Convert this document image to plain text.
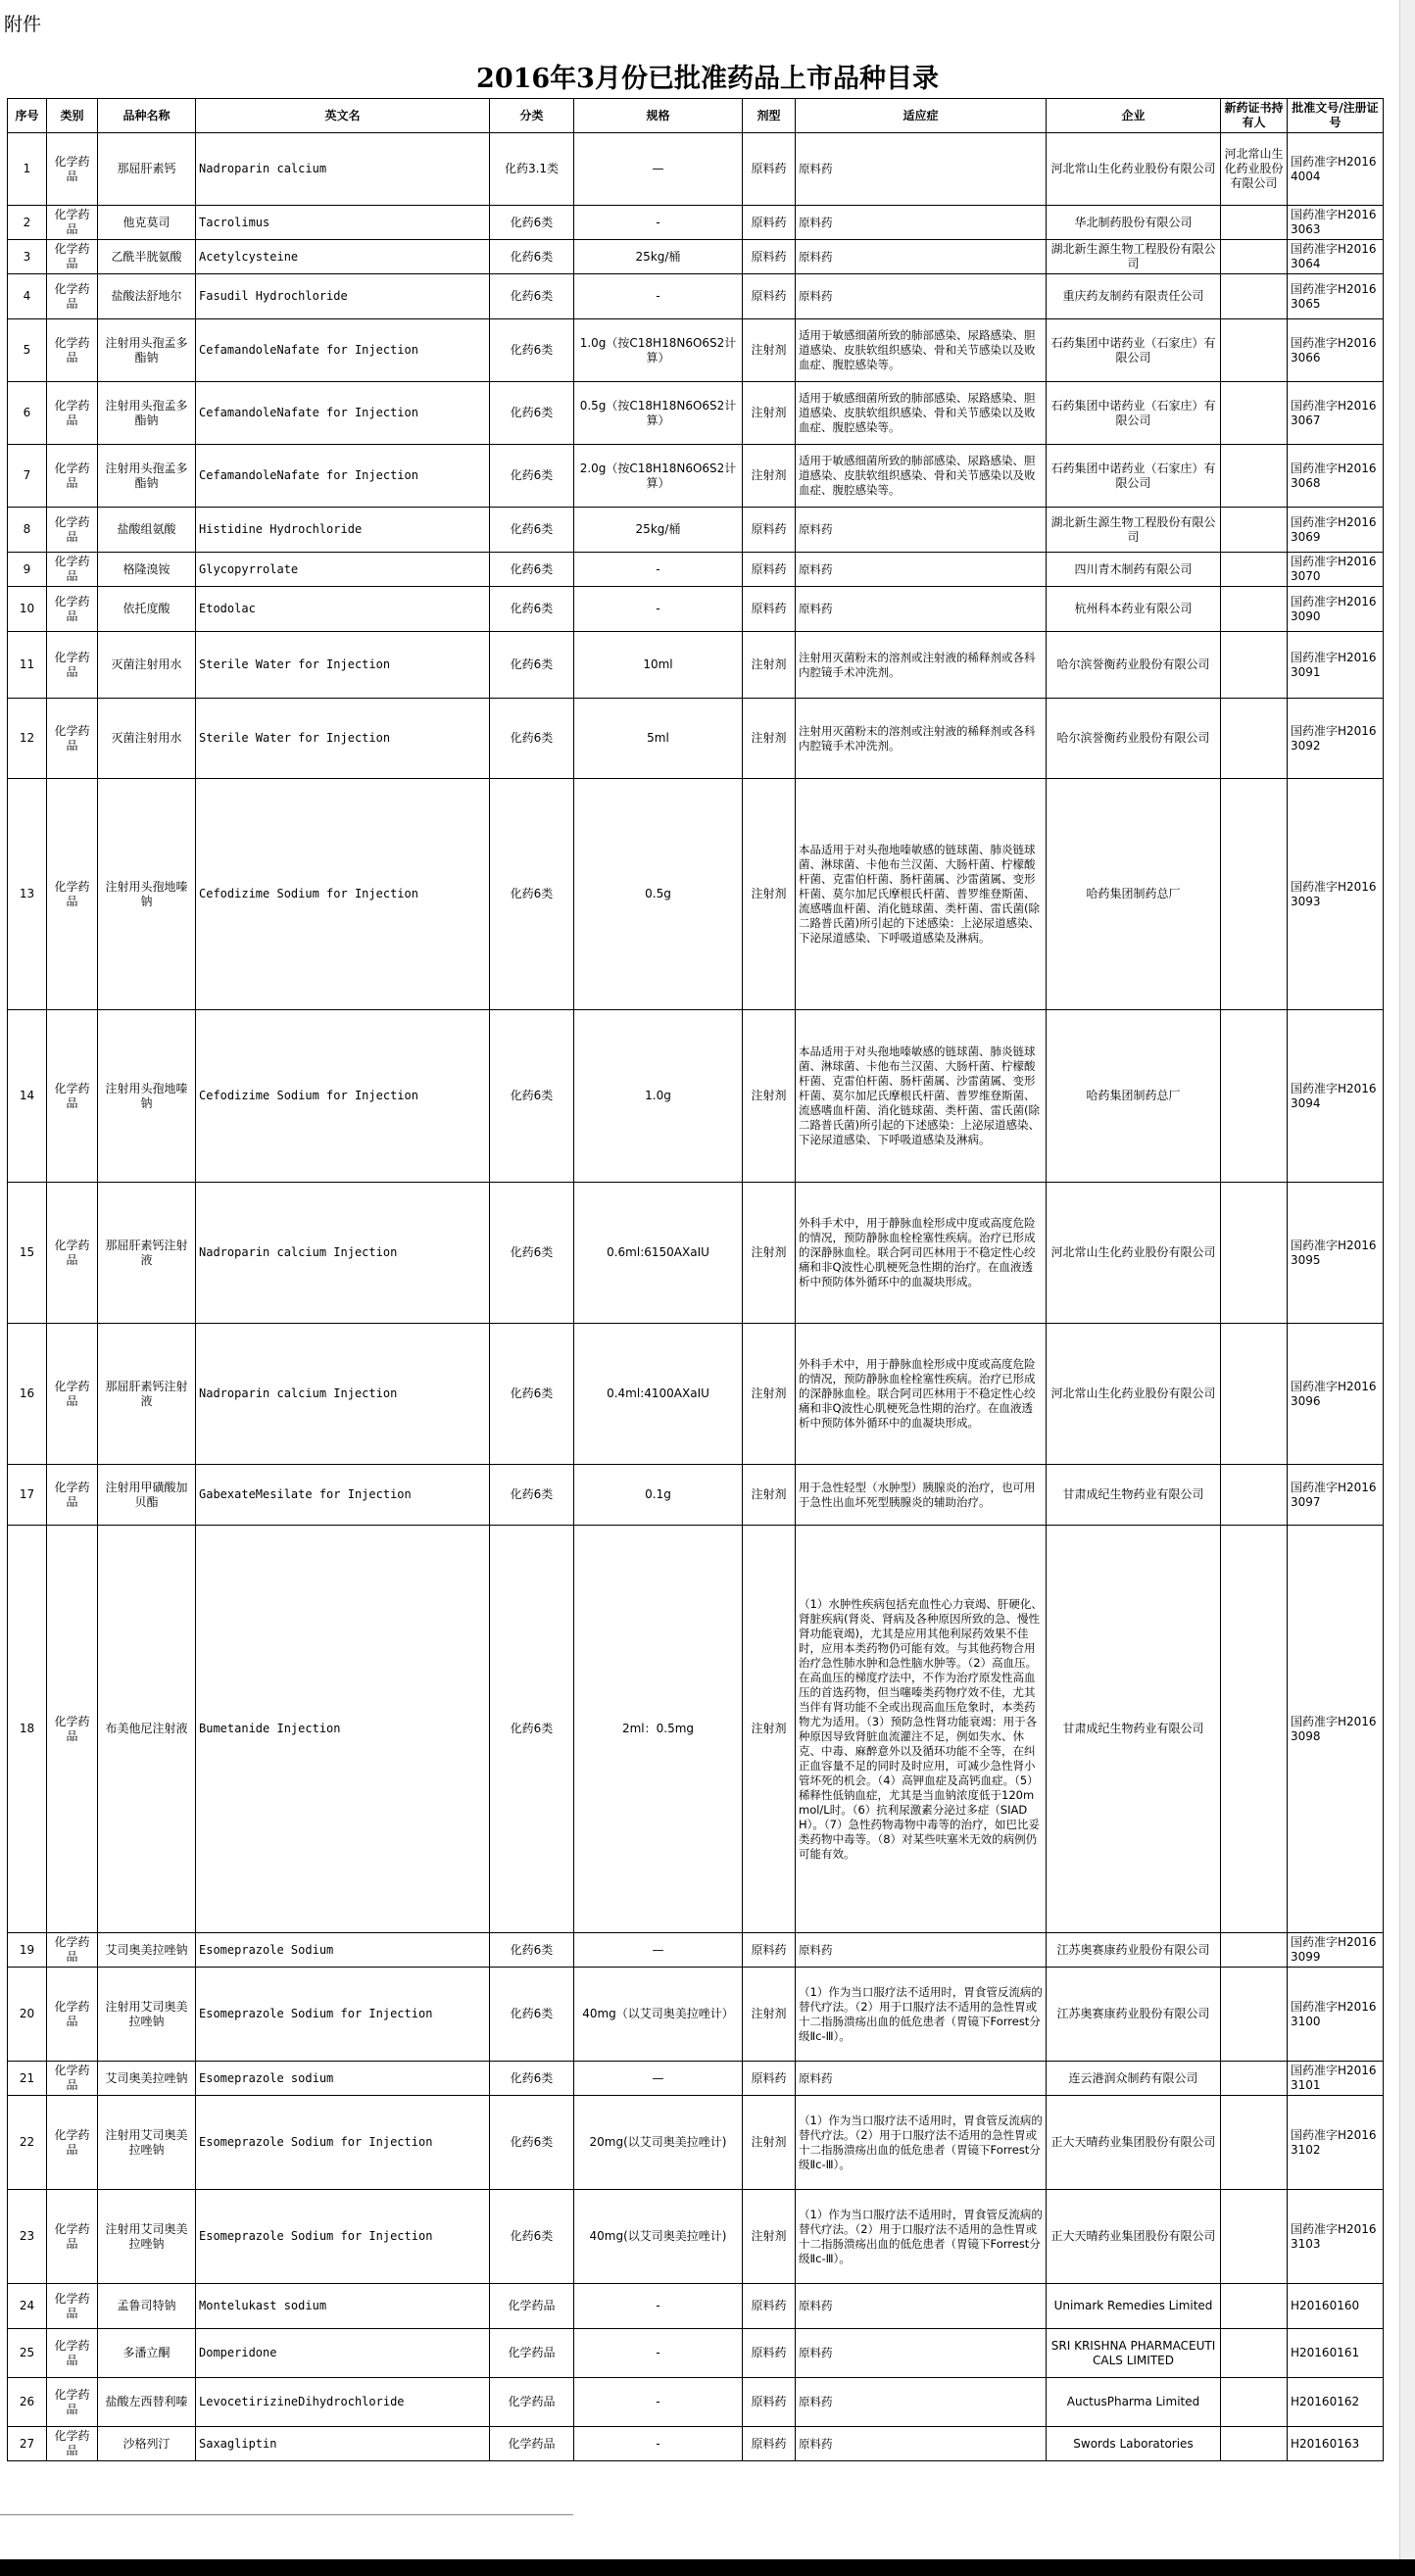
附件
2016年3月份已批准药品上市品种目录
序号	类别	品种名称	英文名	分类	规格	剂型	适应症	企业	新药证书持有人	批准文号/注册证号
1	化学药品	那屈肝素钙	Nadroparin calcium	化药3.1类	—	原料药	原料药	河北常山生化药业股份有限公司	河北常山生化药业股份有限公司	国药准字H20164004
2	化学药品	他克莫司	Tacrolimus	化药6类	-	原料药	原料药	华北制药股份有限公司		国药准字H20163063
3	化学药品	乙酰半胱氨酸	Acetylcysteine	化药6类	25kg/桶	原料药	原料药	湖北新生源生物工程股份有限公司		国药准字H20163064
4	化学药品	盐酸法舒地尔	Fasudil Hydrochloride	化药6类	-	原料药	原料药	重庆药友制药有限责任公司		国药准字H20163065
5	化学药品	注射用头孢孟多酯钠	CefamandoleNafate for Injection	化药6类	1.0g（按C18H18N6O6S2计算）	注射剂	适用于敏感细菌所致的肺部感染、尿路感染、胆道感染、皮肤软组织感染、骨和关节感染以及败血症、腹腔感染等。	石药集团中诺药业（石家庄）有限公司		国药准字H20163066
6	化学药品	注射用头孢孟多酯钠	CefamandoleNafate for Injection	化药6类	0.5g（按C18H18N6O6S2计算）	注射剂	适用于敏感细菌所致的肺部感染、尿路感染、胆道感染、皮肤软组织感染、骨和关节感染以及败血症、腹腔感染等。	石药集团中诺药业（石家庄）有限公司		国药准字H20163067
7	化学药品	注射用头孢孟多酯钠	CefamandoleNafate for Injection	化药6类	2.0g（按C18H18N6O6S2计算）	注射剂	适用于敏感细菌所致的肺部感染、尿路感染、胆道感染、皮肤软组织感染、骨和关节感染以及败血症、腹腔感染等。	石药集团中诺药业（石家庄）有限公司		国药准字H20163068
8	化学药品	盐酸组氨酸	Histidine Hydrochloride	化药6类	25kg/桶	原料药	原料药	湖北新生源生物工程股份有限公司		国药准字H20163069
9	化学药品	格隆溴铵	Glycopyrrolate	化药6类	-	原料药	原料药	四川青木制药有限公司		国药准字H20163070
10	化学药品	依托度酸	Etodolac	化药6类	-	原料药	原料药	杭州科本药业有限公司		国药准字H20163090
11	化学药品	灭菌注射用水	Sterile Water for Injection	化药6类	10ml	注射剂	注射用灭菌粉末的溶剂或注射液的稀释剂或各科内腔镜手术冲洗剂。	哈尔滨誉衡药业股份有限公司		国药准字H20163091
12	化学药品	灭菌注射用水	Sterile Water for Injection	化药6类	5ml	注射剂	注射用灭菌粉末的溶剂或注射液的稀释剂或各科内腔镜手术冲洗剂。	哈尔滨誉衡药业股份有限公司		国药准字H20163092
13	化学药品	注射用头孢地嗪钠	Cefodizime Sodium for Injection	化药6类	0.5g	注射剂	本品适用于对头孢地嗪敏感的链球菌、肺炎链球菌、淋球菌、卡他布兰汉菌、大肠杆菌、柠檬酸杆菌、克雷伯杆菌、肠杆菌属、沙雷菌属、变形杆菌、莫尔加尼氏摩根氏杆菌、普罗维登斯菌、流感嗜血杆菌、消化链球菌、类杆菌、雷氏菌(除二路普氏菌)所引起的下述感染：上泌尿道感染、下泌尿道感染、下呼吸道感染及淋病。	哈药集团制药总厂		国药准字H20163093
14	化学药品	注射用头孢地嗪钠	Cefodizime Sodium for Injection	化药6类	1.0g	注射剂	本品适用于对头孢地嗪敏感的链球菌、肺炎链球菌、淋球菌、卡他布兰汉菌、大肠杆菌、柠檬酸杆菌、克雷伯杆菌、肠杆菌属、沙雷菌属、变形杆菌、莫尔加尼氏摩根氏杆菌、普罗维登斯菌、流感嗜血杆菌、消化链球菌、类杆菌、雷氏菌(除二路普氏菌)所引起的下述感染：上泌尿道感染、下泌尿道感染、下呼吸道感染及淋病。	哈药集团制药总厂		国药准字H20163094
15	化学药品	那屈肝素钙注射液	Nadroparin calcium Injection	化药6类	0.6ml:6150AXaIU	注射剂	外科手术中，用于静脉血栓形成中度或高度危险的情况，预防静脉血栓栓塞性疾病。治疗已形成的深静脉血栓。联合阿司匹林用于不稳定性心绞痛和非Q波性心肌梗死急性期的治疗。在血液透析中预防体外循环中的血凝块形成。	河北常山生化药业股份有限公司		国药准字H20163095
16	化学药品	那屈肝素钙注射液	Nadroparin calcium Injection	化药6类	0.4ml:4100AXaIU	注射剂	外科手术中，用于静脉血栓形成中度或高度危险的情况，预防静脉血栓栓塞性疾病。治疗已形成的深静脉血栓。联合阿司匹林用于不稳定性心绞痛和非Q波性心肌梗死急性期的治疗。在血液透析中预防体外循环中的血凝块形成。	河北常山生化药业股份有限公司		国药准字H20163096
17	化学药品	注射用甲磺酸加贝酯	GabexateMesilate for Injection	化药6类	0.1g	注射剂	用于急性轻型（水肿型）胰腺炎的治疗，也可用于急性出血坏死型胰腺炎的辅助治疗。	甘肃成纪生物药业有限公司		国药准字H20163097
18	化学药品	布美他尼注射液	Bumetanide Injection	化药6类	2ml：0.5mg	注射剂	（1）水肿性疾病包括充血性心力衰竭、肝硬化、肾脏疾病(肾炎、肾病及各种原因所致的急、慢性肾功能衰竭)，尤其是应用其他利尿药效果不佳时，应用本类药物仍可能有效。与其他药物合用治疗急性肺水肿和急性脑水肿等。（2）高血压。在高血压的梯度疗法中，不作为治疗原发性高血压的首选药物，但当噻嗪类药物疗效不佳，尤其当伴有肾功能不全或出现高血压危象时，本类药物尤为适用。（3）预防急性肾功能衰竭：用于各种原因导致肾脏血流灌注不足，例如失水、休克、中毒、麻醉意外以及循环功能不全等，在纠正血容量不足的同时及时应用，可减少急性肾小管坏死的机会。（4）高钾血症及高钙血症。（5）稀释性低钠血症，尤其是当血钠浓度低于120mmol/L时。（6）抗利尿激素分泌过多症（SIADH）。（7）急性药物毒物中毒等的治疗，如巴比妥类药物中毒等。（8）对某些呋塞米无效的病例仍可能有效。	甘肃成纪生物药业有限公司		国药准字H20163098
19	化学药品	艾司奥美拉唑钠	Esomeprazole Sodium	化药6类	—	原料药	原料药	江苏奥赛康药业股份有限公司		国药准字H20163099
20	化学药品	注射用艾司奥美拉唑钠	Esomeprazole Sodium for Injection	化药6类	40mg（以艾司奥美拉唑计）	注射剂	（1）作为当口服疗法不适用时，胃食管反流病的替代疗法。（2）用于口服疗法不适用的急性胃或十二指肠溃疡出血的低危患者（胃镜下Forrest分级Ⅱc-Ⅲ）。	江苏奥赛康药业股份有限公司		国药准字H20163100
21	化学药品	艾司奥美拉唑钠	Esomeprazole sodium	化药6类	—	原料药	原料药	连云港润众制药有限公司		国药准字H20163101
22	化学药品	注射用艾司奥美拉唑钠	Esomeprazole Sodium for Injection	化药6类	20mg(以艾司奥美拉唑计)	注射剂	（1）作为当口服疗法不适用时，胃食管反流病的替代疗法。（2）用于口服疗法不适用的急性胃或十二指肠溃疡出血的低危患者（胃镜下Forrest分级Ⅱc-Ⅲ）。	正大天晴药业集团股份有限公司		国药准字H20163102
23	化学药品	注射用艾司奥美拉唑钠	Esomeprazole Sodium for Injection	化药6类	40mg(以艾司奥美拉唑计)	注射剂	（1）作为当口服疗法不适用时，胃食管反流病的替代疗法。（2）用于口服疗法不适用的急性胃或十二指肠溃疡出血的低危患者（胃镜下Forrest分级Ⅱc-Ⅲ）。	正大天晴药业集团股份有限公司		国药准字H20163103
24	化学药品	孟鲁司特钠	Montelukast sodium	化学药品	-	原料药	原料药	Unimark Remedies Limited		H20160160
25	化学药品	多潘立酮	Domperidone	化学药品	-	原料药	原料药	SRI KRISHNA PHARMACEUTICALS LIMITED		H20160161
26	化学药品	盐酸左西替利嗪	LevocetirizineDihydrochloride	化学药品	-	原料药	原料药	AuctusPharma Limited		H20160162
27	化学药品	沙格列汀	Saxagliptin	化学药品	-	原料药	原料药	Swords Laboratories		H20160163
